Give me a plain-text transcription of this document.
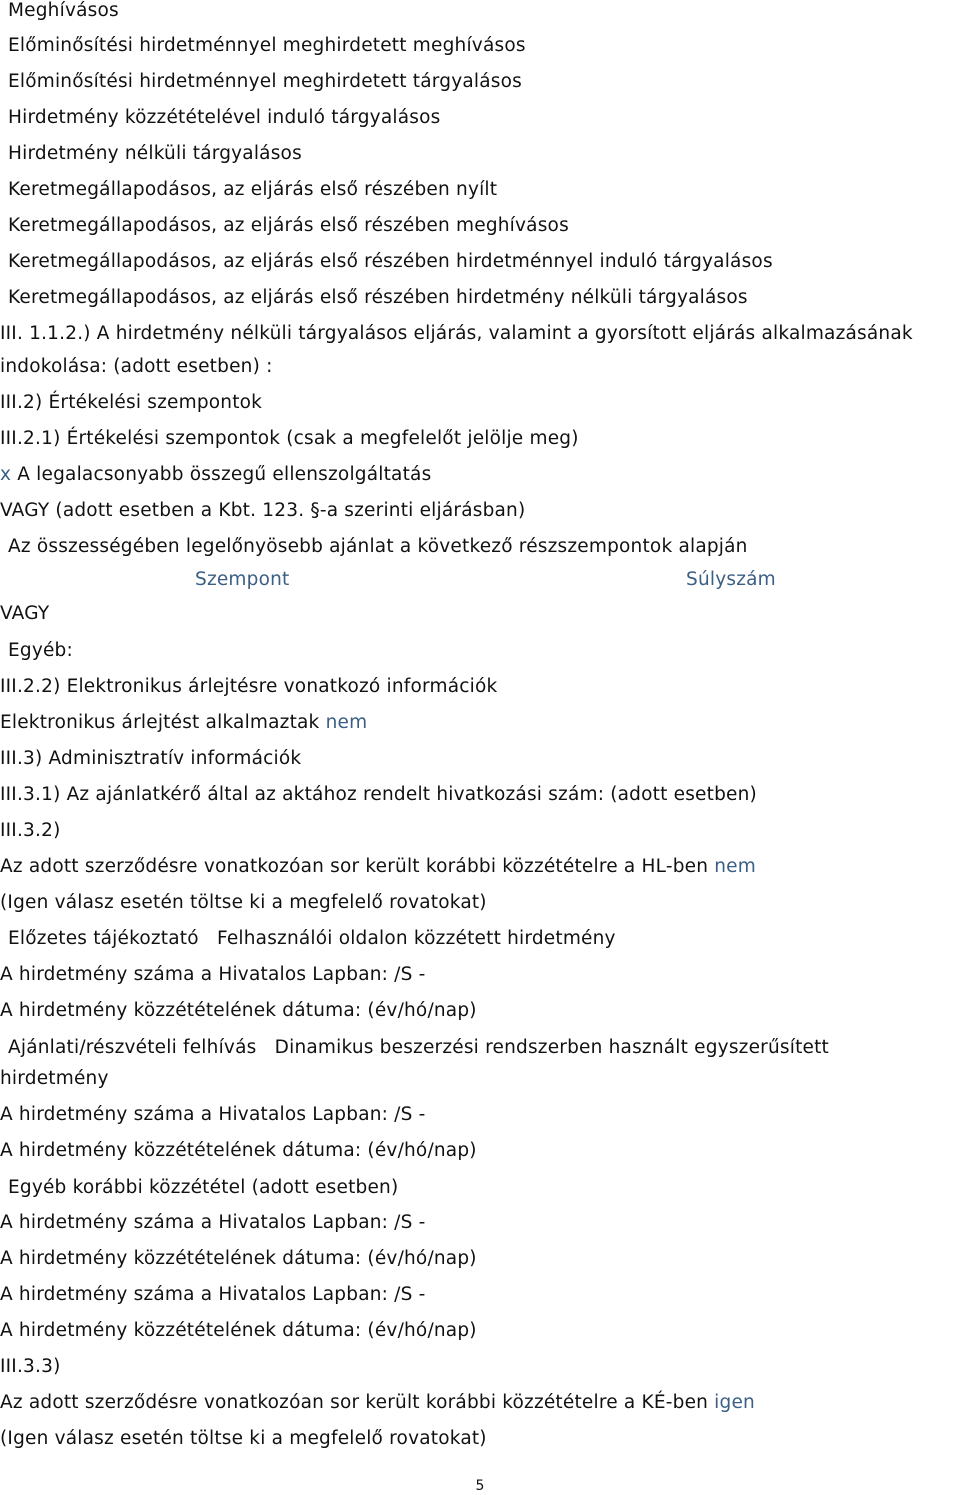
Meghívásos
Előminősítési hirdetménnyel meghirdetett meghívásos
Előminősítési hirdetménnyel meghirdetett tárgyalásos
Hirdetmény közzétételével induló tárgyalásos
Hirdetmény nélküli tárgyalásos
Keretmegállapodásos, az eljárás első részében nyílt
Keretmegállapodásos, az eljárás első részében meghívásos
Keretmegállapodásos, az eljárás első részében hirdetménnyel induló tárgyalásos
Keretmegállapodásos, az eljárás első részében hirdetmény nélküli tárgyalásos
III. 1.1.2.) A hirdetmény nélküli tárgyalásos eljárás, valamint a gyorsított eljárás alkalmazásának
indokolása: (adott esetben) :
III.2) Értékelési szempontok
III.2.1) Értékelési szempontok (csak a megfelelőt jelölje meg)
x A legalacsonyabb összegű ellenszolgáltatás
VAGY (adott esetben a Kbt. 123. §-a szerinti eljárásban)
Az összességében legelőnyösebb ajánlat a következő részszempontok alapján
Szempont	Súlyszám
VAGY
Egyéb:
III.2.2) Elektronikus árlejtésre vonatkozó információk
Elektronikus árlejtést alkalmaztak nem
III.3) Adminisztratív információk
III.3.1) Az ajánlatkérő által az aktához rendelt hivatkozási szám: (adott esetben)
III.3.2)
Az adott szerződésre vonatkozóan sor került korábbi közzétételre a HL-ben nem
(Igen válasz esetén töltse ki a megfelelő rovatokat)
Előzetes tájékoztató   Felhasználói oldalon közzétett hirdetmény
A hirdetmény száma a Hivatalos Lapban: /S -
A hirdetmény közzétételének dátuma: (év/hó/nap)
Ajánlati/részvételi felhívás   Dinamikus beszerzési rendszerben használt egyszerűsített
hirdetmény
A hirdetmény száma a Hivatalos Lapban: /S -
A hirdetmény közzétételének dátuma: (év/hó/nap)
Egyéb korábbi közzététel (adott esetben)
A hirdetmény száma a Hivatalos Lapban: /S -
A hirdetmény közzétételének dátuma: (év/hó/nap)
A hirdetmény száma a Hivatalos Lapban: /S -
A hirdetmény közzétételének dátuma: (év/hó/nap)
III.3.3)
Az adott szerződésre vonatkozóan sor került korábbi közzétételre a KÉ-ben igen
(Igen válasz esetén töltse ki a megfelelő rovatokat)
5
